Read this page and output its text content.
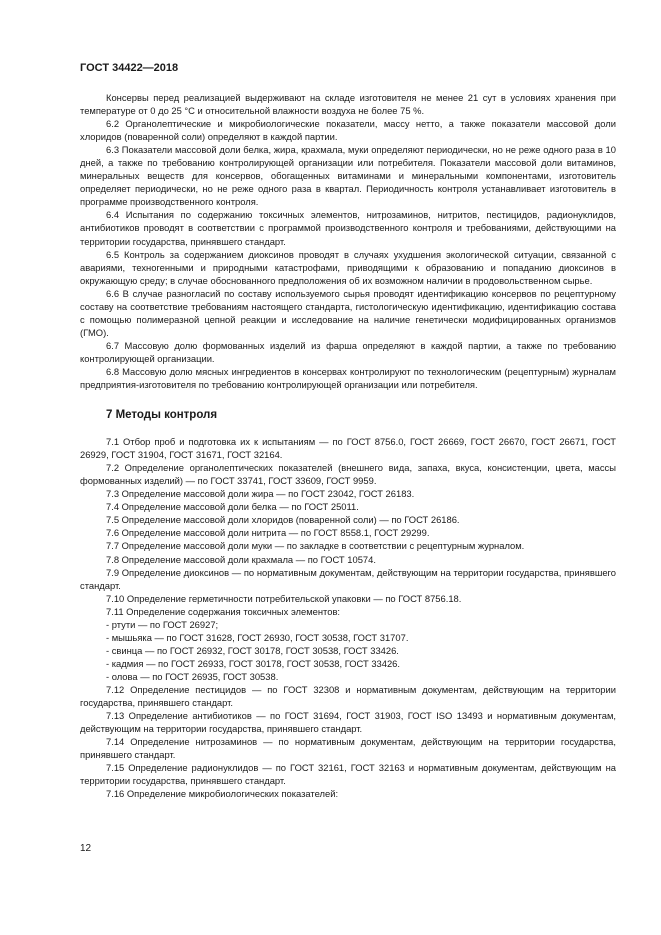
ГОСТ 34422—2018

Консервы перед реализацией выдерживают на складе изготовителя не менее 21 сут в условиях хранения при температуре от 0 до 25 °С и относительной влажности воздуха не более 75 %.

6.2 Органолептические и микробиологические показатели, массу нетто, а также показатели массовой доли хлоридов (поваренной соли) определяют в каждой партии.

6.3 Показатели массовой доли белка, жира, крахмала, муки определяют периодически, но не реже одного раза в 10 дней, а также по требованию контролирующей организации или потребителя. Показатели массовой доли витаминов, минеральных веществ для консервов, обогащенных витаминами и минеральными компонентами, изготовитель определяет периодически, но не реже одного раза в квартал. Периодичность контроля устанавливает изготовитель в программе производственного контроля.

6.4 Испытания по содержанию токсичных элементов, нитрозаминов, нитритов, пестицидов, радионуклидов, антибиотиков проводят в соответствии с программой производственного контроля и требованиями, действующими на территории государства, принявшего стандарт.

6.5 Контроль за содержанием диоксинов проводят в случаях ухудшения экологической ситуации, связанной с авариями, техногенными и природными катастрофами, приводящими к образованию и попаданию диоксинов в окружающую среду; в случае обоснованного предположения об их возможном наличии в продовольственном сырье.

6.6 В случае разногласий по составу используемого сырья проводят идентификацию консервов по рецептурному составу на соответствие требованиям настоящего стандарта, гистологическую идентификацию, идентификацию состава с помощью полимеразной цепной реакции и исследование на наличие генетически модифицированных организмов (ГМО).

6.7 Массовую долю формованных изделий из фарша определяют в каждой партии, а также по требованию контролирующей организации.

6.8 Массовую долю мясных ингредиентов в консервах контролируют по технологическим (рецептурным) журналам предприятия-изготовителя по требованию контролирующей организации или потребителя.

7 Методы контроля

7.1 Отбор проб и подготовка их к испытаниям — по ГОСТ 8756.0, ГОСТ 26669, ГОСТ 26670, ГОСТ 26671, ГОСТ 26929, ГОСТ 31904, ГОСТ 31671, ГОСТ 32164.

7.2 Определение органолептических показателей (внешнего вида, запаха, вкуса, консистенции, цвета, массы формованных изделий) — по ГОСТ 33741, ГОСТ 33609, ГОСТ 9959.

7.3 Определение массовой доли жира — по ГОСТ 23042, ГОСТ 26183.

7.4 Определение массовой доли белка — по ГОСТ 25011.

7.5 Определение массовой доли хлоридов (поваренной соли) — по ГОСТ 26186.

7.6 Определение массовой доли нитрита — по ГОСТ 8558.1, ГОСТ 29299.

7.7 Определение массовой доли муки — по закладке в соответствии с рецептурным журналом.

7.8 Определение массовой доли крахмала — по ГОСТ 10574.

7.9 Определение диоксинов — по нормативным документам, действующим на территории государства, принявшего стандарт.

7.10 Определение герметичности потребительской упаковки — по ГОСТ 8756.18.

7.11 Определение содержания токсичных элементов:

- ртути — по ГОСТ 26927;

- мышьяка — по ГОСТ 31628, ГОСТ 26930, ГОСТ 30538, ГОСТ 31707.

- свинца — по ГОСТ 26932, ГОСТ 30178, ГОСТ 30538, ГОСТ 33426.

- кадмия — по ГОСТ 26933, ГОСТ 30178, ГОСТ 30538, ГОСТ 33426.

- олова — по ГОСТ 26935, ГОСТ 30538.

7.12 Определение пестицидов — по ГОСТ 32308 и нормативным документам, действующим на территории государства, принявшего стандарт.

7.13 Определение антибиотиков — по ГОСТ 31694, ГОСТ 31903, ГОСТ ISO 13493 и нормативным документам, действующим на территории государства, принявшего стандарт.

7.14 Определение нитрозаминов — по нормативным документам, действующим на территории государства, принявшего стандарт.

7.15 Определение радионуклидов — по ГОСТ 32161, ГОСТ 32163 и нормативным документам, действующим на территории государства, принявшего стандарт.

7.16 Определение микробиологических показателей:

12
